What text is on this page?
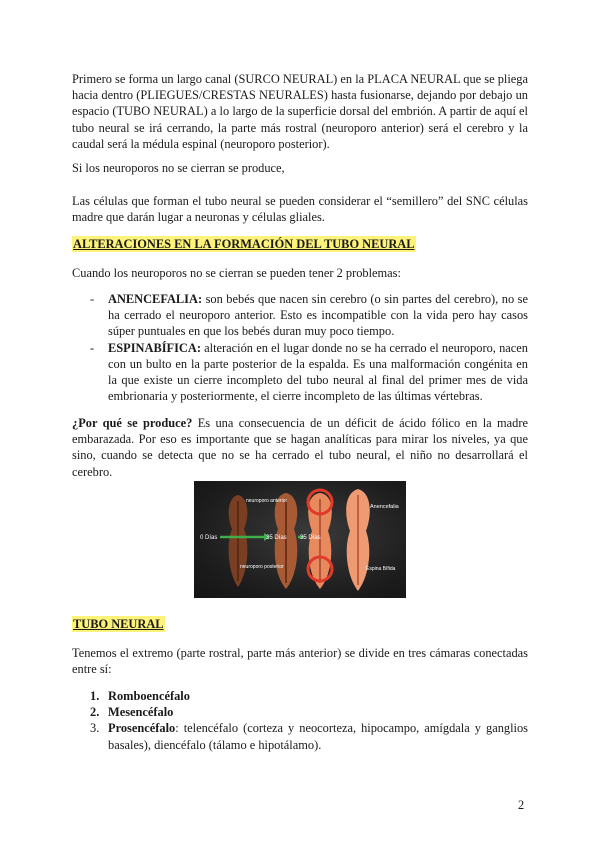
Primero se forma un largo canal (SURCO NEURAL) en la PLACA NEURAL que se pliega hacia dentro (PLIEGUES/CRESTAS NEURALES) hasta fusionarse, dejando por debajo un espacio (TUBO NEURAL) a lo largo de la superficie dorsal del embrión. A partir de aquí el tubo neural se irá cerrando, la parte más rostral (neuroporo anterior) será el cerebro y la caudal será la médula espinal (neuroporo posterior).

Si los neuroporos no se cierran se produce,

Las células que forman el tubo neural se pueden considerar el “semillero” del SNC células madre que darán lugar a neuronas y células gliales.

ALTERACIONES EN LA FORMACIÓN DEL TUBO NEURAL

Cuando los neuroporos no se cierran se pueden tener 2 problemas:

- ANENCEFALIA: son bebés que nacen sin cerebro (o sin partes del cerebro), no se ha cerrado el neuroporo anterior. Esto es incompatible con la vida pero hay casos súper puntuales en que los bebés duran muy poco tiempo.
- ESPINABÍFICA: alteración en el lugar donde no se ha cerrado el neuroporo, nacen con un bulto en la parte posterior de la espalda. Es una malformación congénita en la que existe un cierre incompleto del tubo neural al final del primer mes de vida embrionaria y posteriormente, el cierre incompleto de las últimas vértebras.

¿Por qué se produce? Es una consecuencia de un déficit de ácido fólico en la madre embarazada. Por eso es importante que se hagan analíticas para mirar los niveles, ya que sino, cuando se detecta que no se ha cerrado el tubo neural, el niño no desarrollará el cerebro.

neuroporo anterior
neuroporo posterior
0 Días	35 Días 35 Días
Anencefalia
Espina Bífida
TUBO NEURAL

Tenemos el extremo (parte rostral, parte más anterior) se divide en tres cámaras conectadas entre sí:

1. Romboencéfalo
2. Mesencéfalo
3. Prosencéfalo: telencéfalo (corteza y neocorteza, hipocampo, amígdala y ganglios basales), diencéfalo (tálamo e hipotálamo).
2
